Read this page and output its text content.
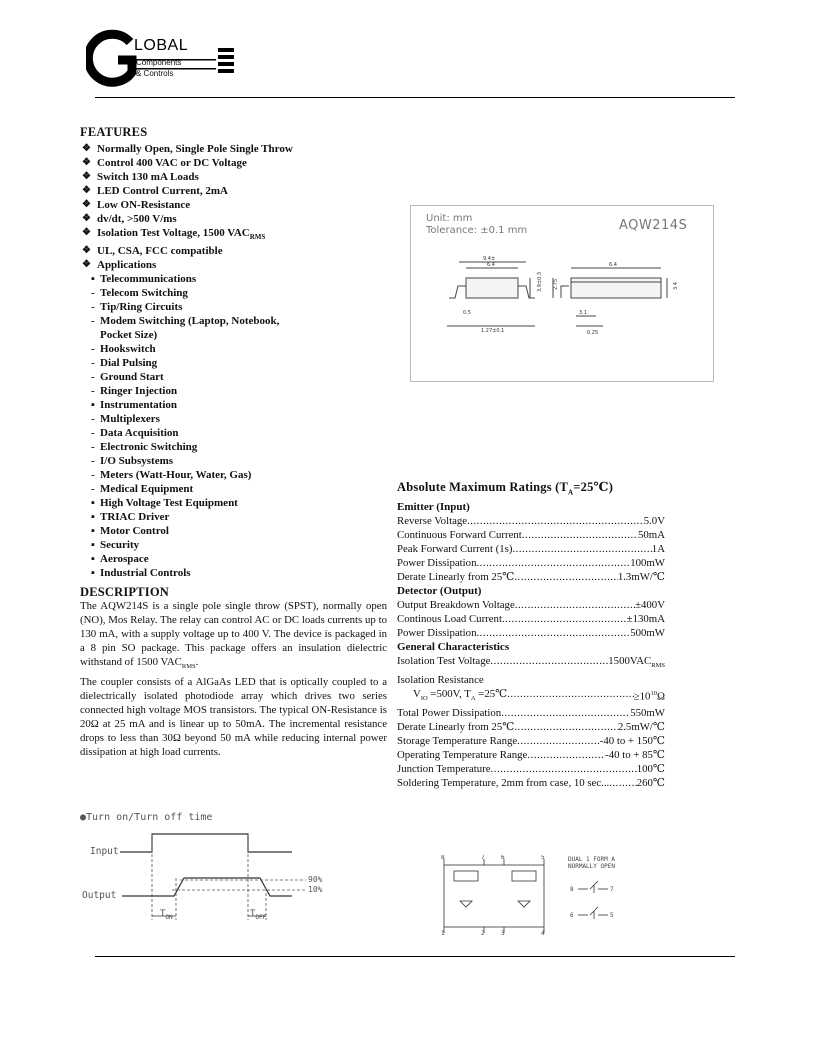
LOBAL
Components
& Controls
FEATURES
❖ Normally Open, Single Pole Single Throw
❖ Control 400 VAC or DC Voltage
❖ Switch 130 mA Loads
❖ LED Control Current, 2mA
❖ Low ON-Resistance
❖ dv/dt, >500 V/ms
❖ Isolation Test Voltage, 1500 $VAC_{RMS}$
❖ UL, CSA, FCC compatible
❖ Applications
▪ Telecommunications
- Telecom Switching
- Tip/Ring Circuits
- Modem Switching (Laptop, Notebook,
Pocket Size)
- Hookswitch
- Dial Pulsing
- Ground Start
- Ringer Injection
▪ Instrumentation
- Multiplexers
- Data Acquisition
- Electronic Switching
- I/O Subsystems
- Meters (Watt-Hour, Water, Gas)
- Medical Equipment
▪ High Voltage Test Equipment
▪ TRIAC Driver
▪ Motor Control
▪ Security
▪ Aerospace
▪ Industrial Controls
Unit: mm
Tolerance: ±0.1 mm	AQW214S
9.4±
6.4
3.9±0.3 2.75
0.5
1.27±0.1
6.4
3.4
3.1
0.25
DESCRIPTION

The AQW214S is a single pole single throw (SPST), normally open (NO), Mos Relay. The relay can control AC or DC loads currents up to 130 mA, with a supply voltage up to 400 V. The device is packaged in a 8 pin SO package. This package offers an insulation dielectric withstand of 1500 $VAC_{RMS}$.

The coupler consists of a AlGaAs LED that is optically coupled to a dielectrically isolated photodiode array which drives two series connected high voltage MOS transistors. The typical ON-Resistance is 20Ω at 25 mA and is linear up to 50mA. The incremental resistance drops to less than 30Ω beyond 50 mA while reducing internal power dissipation at high load currents.

Absolute Maximum Ratings $(T_A=25℃)$
Emitter (Input)
Reverse Voltage .....	5.0V
Continuous Forward Current .....	50mA
Peak Forward Current (1s) .....	1A
Power Dissipation .....	100mW
Derate Linearly from 25℃ .....	1.3mW/℃
Detector (Output)
Output Breakdown Voltage .....	±400V
Continous Load Current .....	±130mA
Power Dissipation .....	500mW
General Characteristics
Isolation Test Voltage .....	$1500VAC_{RMS}$
Isolation Resistance
$V_{IO} =500V$, $T_A$ =25℃ .....	$\ge 10^{10}\Omega$
Total Power Dissipation .....	550mW
Derate Linearly from 25℃ .....	2.5mW/℃
Storage Temperature Range .....	-40 to + 150℃
Operating Temperature Range .....	-40 to + 85℃
Junction Temperature .....	100℃
Soldering Temperature, 2mm from case, 10 sec... .....	260℃
●Turn on/Turn off time
Input
Output
90%
10%
$T_{ON}$	$T_{OFF}$
8	7	6	5
1	2	3	4
DUAL 1 FORM A
NORMALLY OPEN
8	7
6	5
